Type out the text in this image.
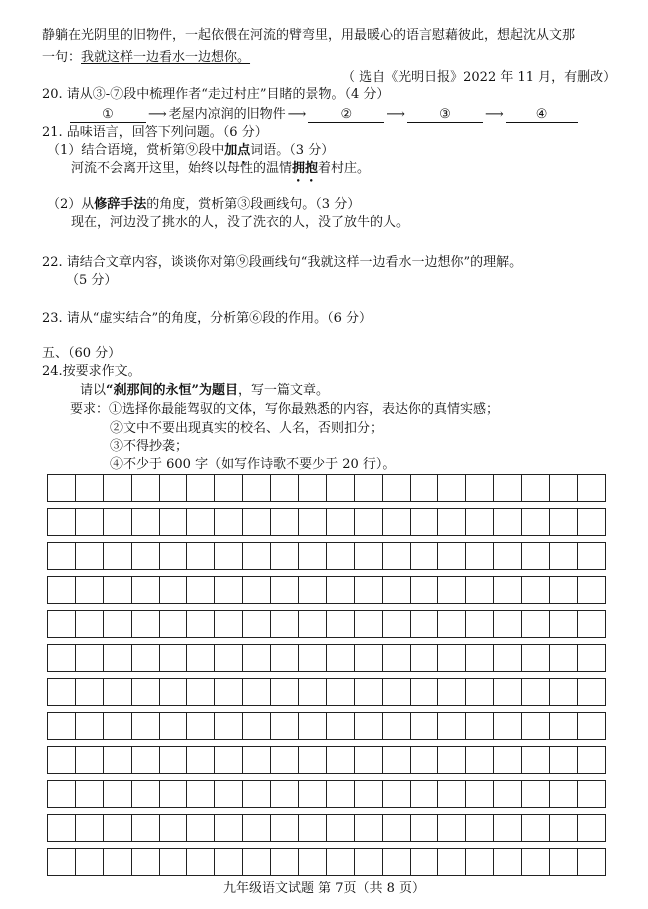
静躺在光阴里的旧物件，一起依偎在河流的臂弯里，用最暖心的语言慰藉彼此，想起沈从文那
一句：我就这样一边看水一边想你。
（ 选自《光明日报》2022 年 11 月，有删改）
20. 请从③-⑦段中梳理作者“走过村庄”目睹的景物。（4 分）
①	⟶ 老屋内凉润的旧物件 ⟶	②	⟶	③	⟶ ④
21. 品味语言，回答下列问题。（6 分）
（1）结合语境，赏析第⑨段中加点词语。（3 分）
河流不会离开这里，始终以母性的温情拥抱着村庄。
（2）从修辞手法的角度，赏析第③段画线句。（3 分）
现在，河边没了挑水的人，没了洗衣的人，没了放牛的人。
22. 请结合文章内容，谈谈你对第⑨段画线句“我就这样一边看水一边想你”的理解。
（5 分）
23. 请从“虚实结合”的角度，分析第⑥段的作用。（6 分）
五、（60 分）
24.按要求作文。
请以“刹那间的永恒”为题目，写一篇文章。
要求：①选择你最能驾驭的文体，写你最熟悉的内容，表达你的真情实感；
②文中不要出现真实的校名、人名，否则扣分；
③不得抄袭；
④不少于 600 字（如写作诗歌不要少于 20 行）。
九年级语文试题 第 7页（共 8 页）
